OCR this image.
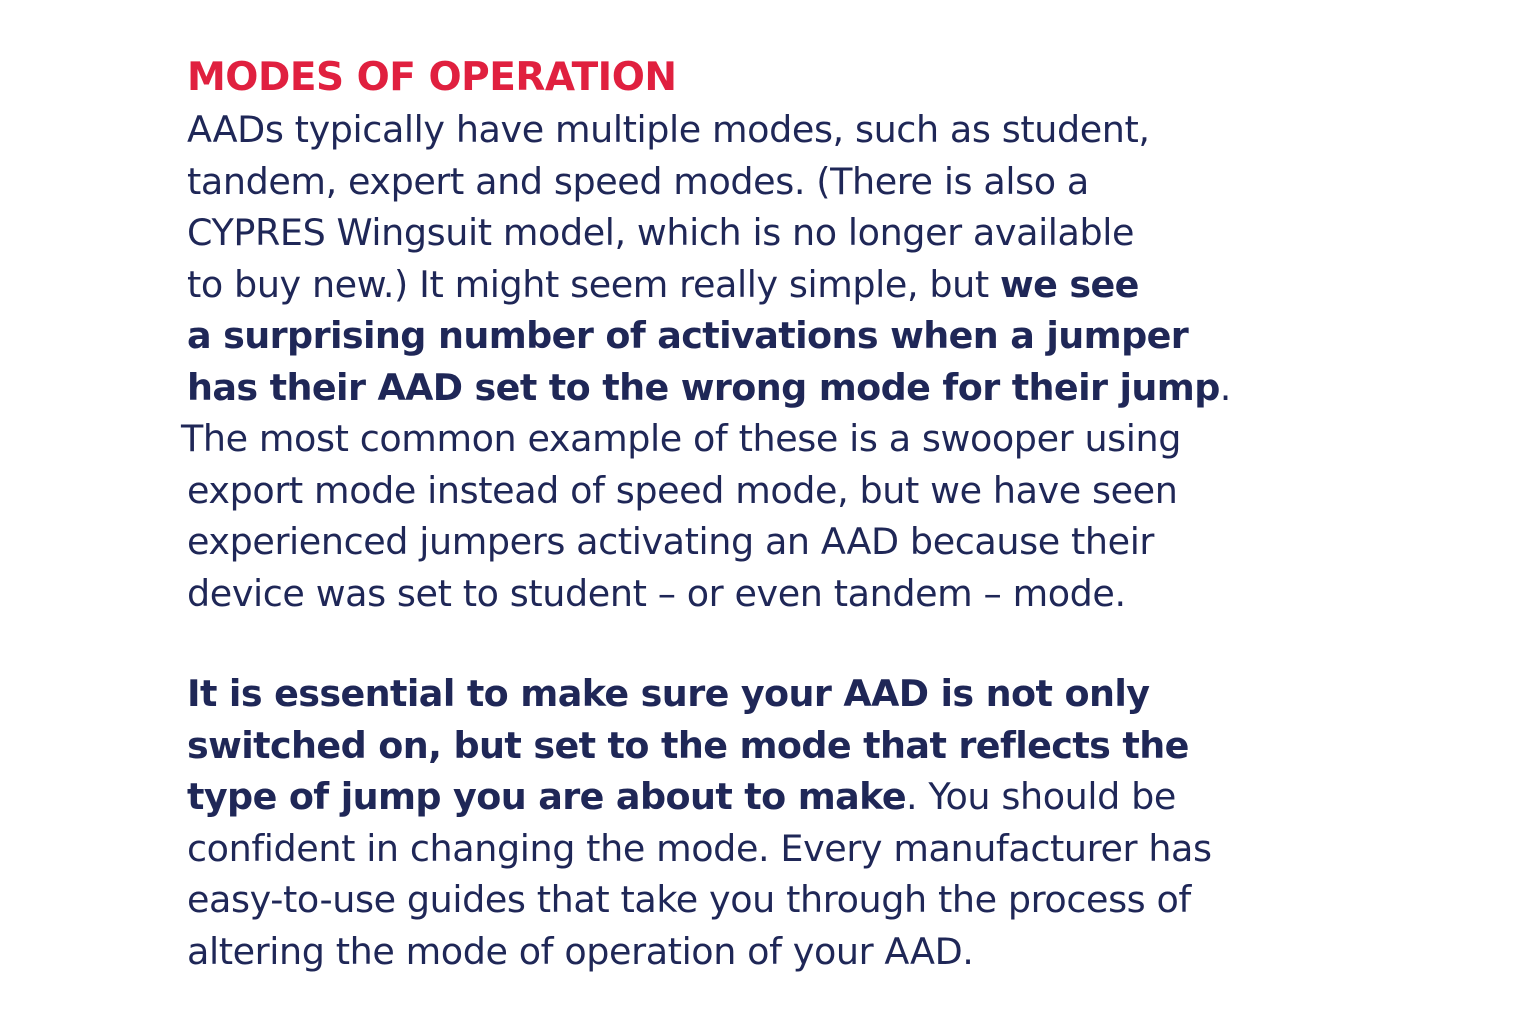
MODES OF OPERATION
AADs typically have multiple modes, such as student,
tandem, expert and speed modes. (There is also a
CYPRES Wingsuit model, which is no longer available
to buy new.) It might seem really simple, but we see
a surprising number of activations when a jumper
has their AAD set to the wrong mode for their jump.
The most common example of these is a swooper using
export mode instead of speed mode, but we have seen
experienced jumpers activating an AAD because their
device was set to student – or even tandem – mode.
It is essential to make sure your AAD is not only
switched on, but set to the mode that reflects the
type of jump you are about to make. You should be
confident in changing the mode. Every manufacturer has
easy-to-use guides that take you through the process of
altering the mode of operation of your AAD.
